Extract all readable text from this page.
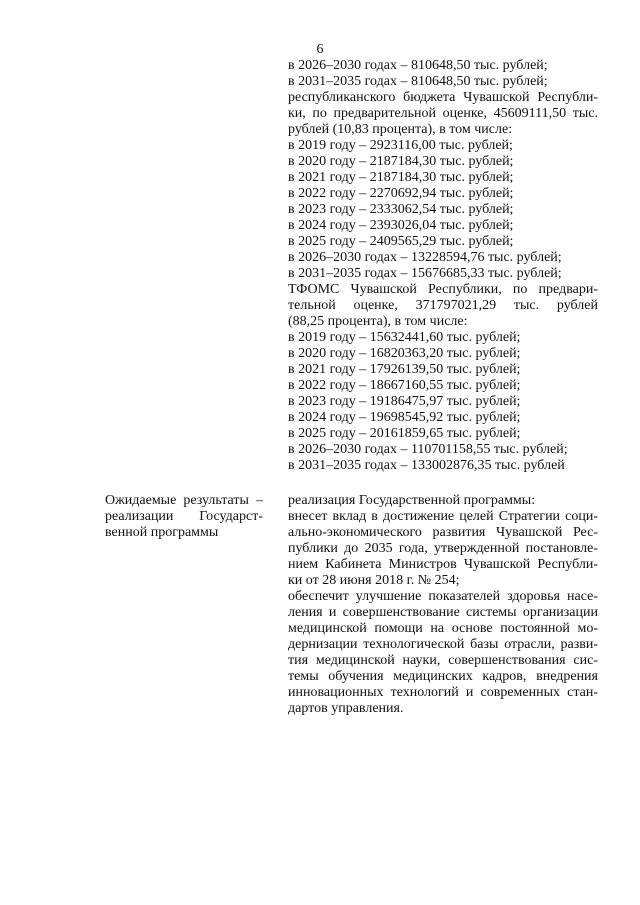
6
в 2026–2030 годах – 810648,50 тыс. рублей;
в 2031–2035 годах – 810648,50 тыс. рублей;
республиканского бюджета Чувашской Республи-
ки, по предварительной оценке, 45609111,50 тыс.
рублей (10,83 процента), в том числе:
в 2019 году – 2923116,00 тыс. рублей;
в 2020 году – 2187184,30 тыс. рублей;
в 2021 году – 2187184,30 тыс. рублей;
в 2022 году – 2270692,94 тыс. рублей;
в 2023 году – 2333062,54 тыс. рублей;
в 2024 году – 2393026,04 тыс. рублей;
в 2025 году – 2409565,29 тыс. рублей;
в 2026–2030 годах – 13228594,76 тыс. рублей;
в 2031–2035 годах – 15676685,33 тыс. рублей;
ТФОМС Чувашской Республики, по предвари-
тельной оценке, 371797021,29 тыс. рублей
(88,25 процента), в том числе:
в 2019 году – 15632441,60 тыс. рублей;
в 2020 году – 16820363,20 тыс. рублей;
в 2021 году – 17926139,50 тыс. рублей;
в 2022 году – 18667160,55 тыс. рублей;
в 2023 году – 19186475,97 тыс. рублей;
в 2024 году – 19698545,92 тыс. рублей;
в 2025 году – 20161859,65 тыс. рублей;
в 2026–2030 годах – 110701158,55 тыс. рублей;
в 2031–2035 годах – 133002876,35 тыс. рублей
Ожидаемые результаты –
реализации Государст-
венной программы
реализация Государственной программы:
внесет вклад в достижение целей Стратегии соци-
ально-экономического развития Чувашской Рес-
публики до 2035 года, утвержденной постановле-
нием Кабинета Министров Чувашской Республи-
ки от 28 июня 2018 г. № 254;
обеспечит улучшение показателей здоровья насе-
ления и совершенствование системы организации
медицинской помощи на основе постоянной мо-
дернизации технологической базы отрасли, разви-
тия медицинской науки, совершенствования сис-
темы обучения медицинских кадров, внедрения
инновационных технологий и современных стан-
дартов управления.
